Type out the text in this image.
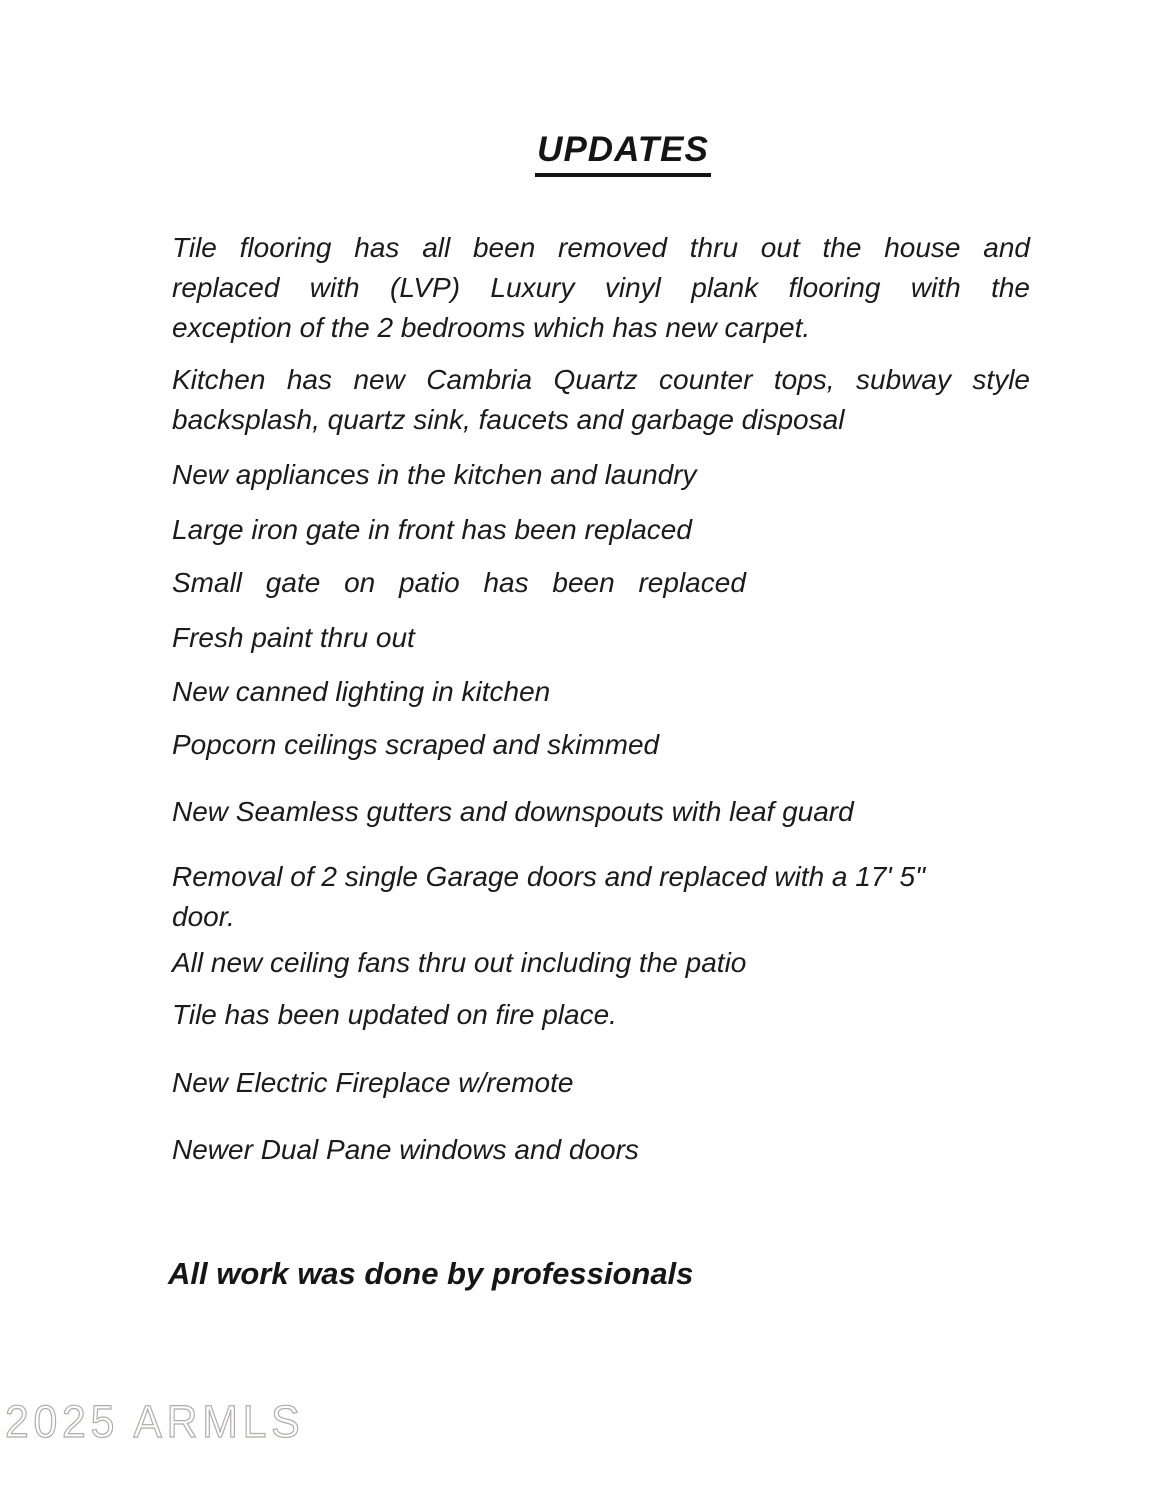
UPDATES
Tile flooring has all been removed thru out the house and
replaced with (LVP) Luxury vinyl plank flooring with the
exception of the 2 bedrooms which has new carpet.
Kitchen has new Cambria Quartz counter tops, subway style
backsplash, quartz sink, faucets and garbage disposal
New appliances in the kitchen and laundry
Large iron gate in front has been replaced
Small gate on patio has been replaced
Fresh paint thru out
New canned lighting in kitchen
Popcorn ceilings scraped and skimmed
New Seamless gutters and downspouts with leaf guard
Removal of 2 single Garage doors and replaced with a 17' 5"
door.
All new ceiling fans thru out including the patio
Tile has been updated on fire place.
New Electric Fireplace w/remote
Newer Dual Pane windows and doors
All work was done by professionals
2025 ARMLS
